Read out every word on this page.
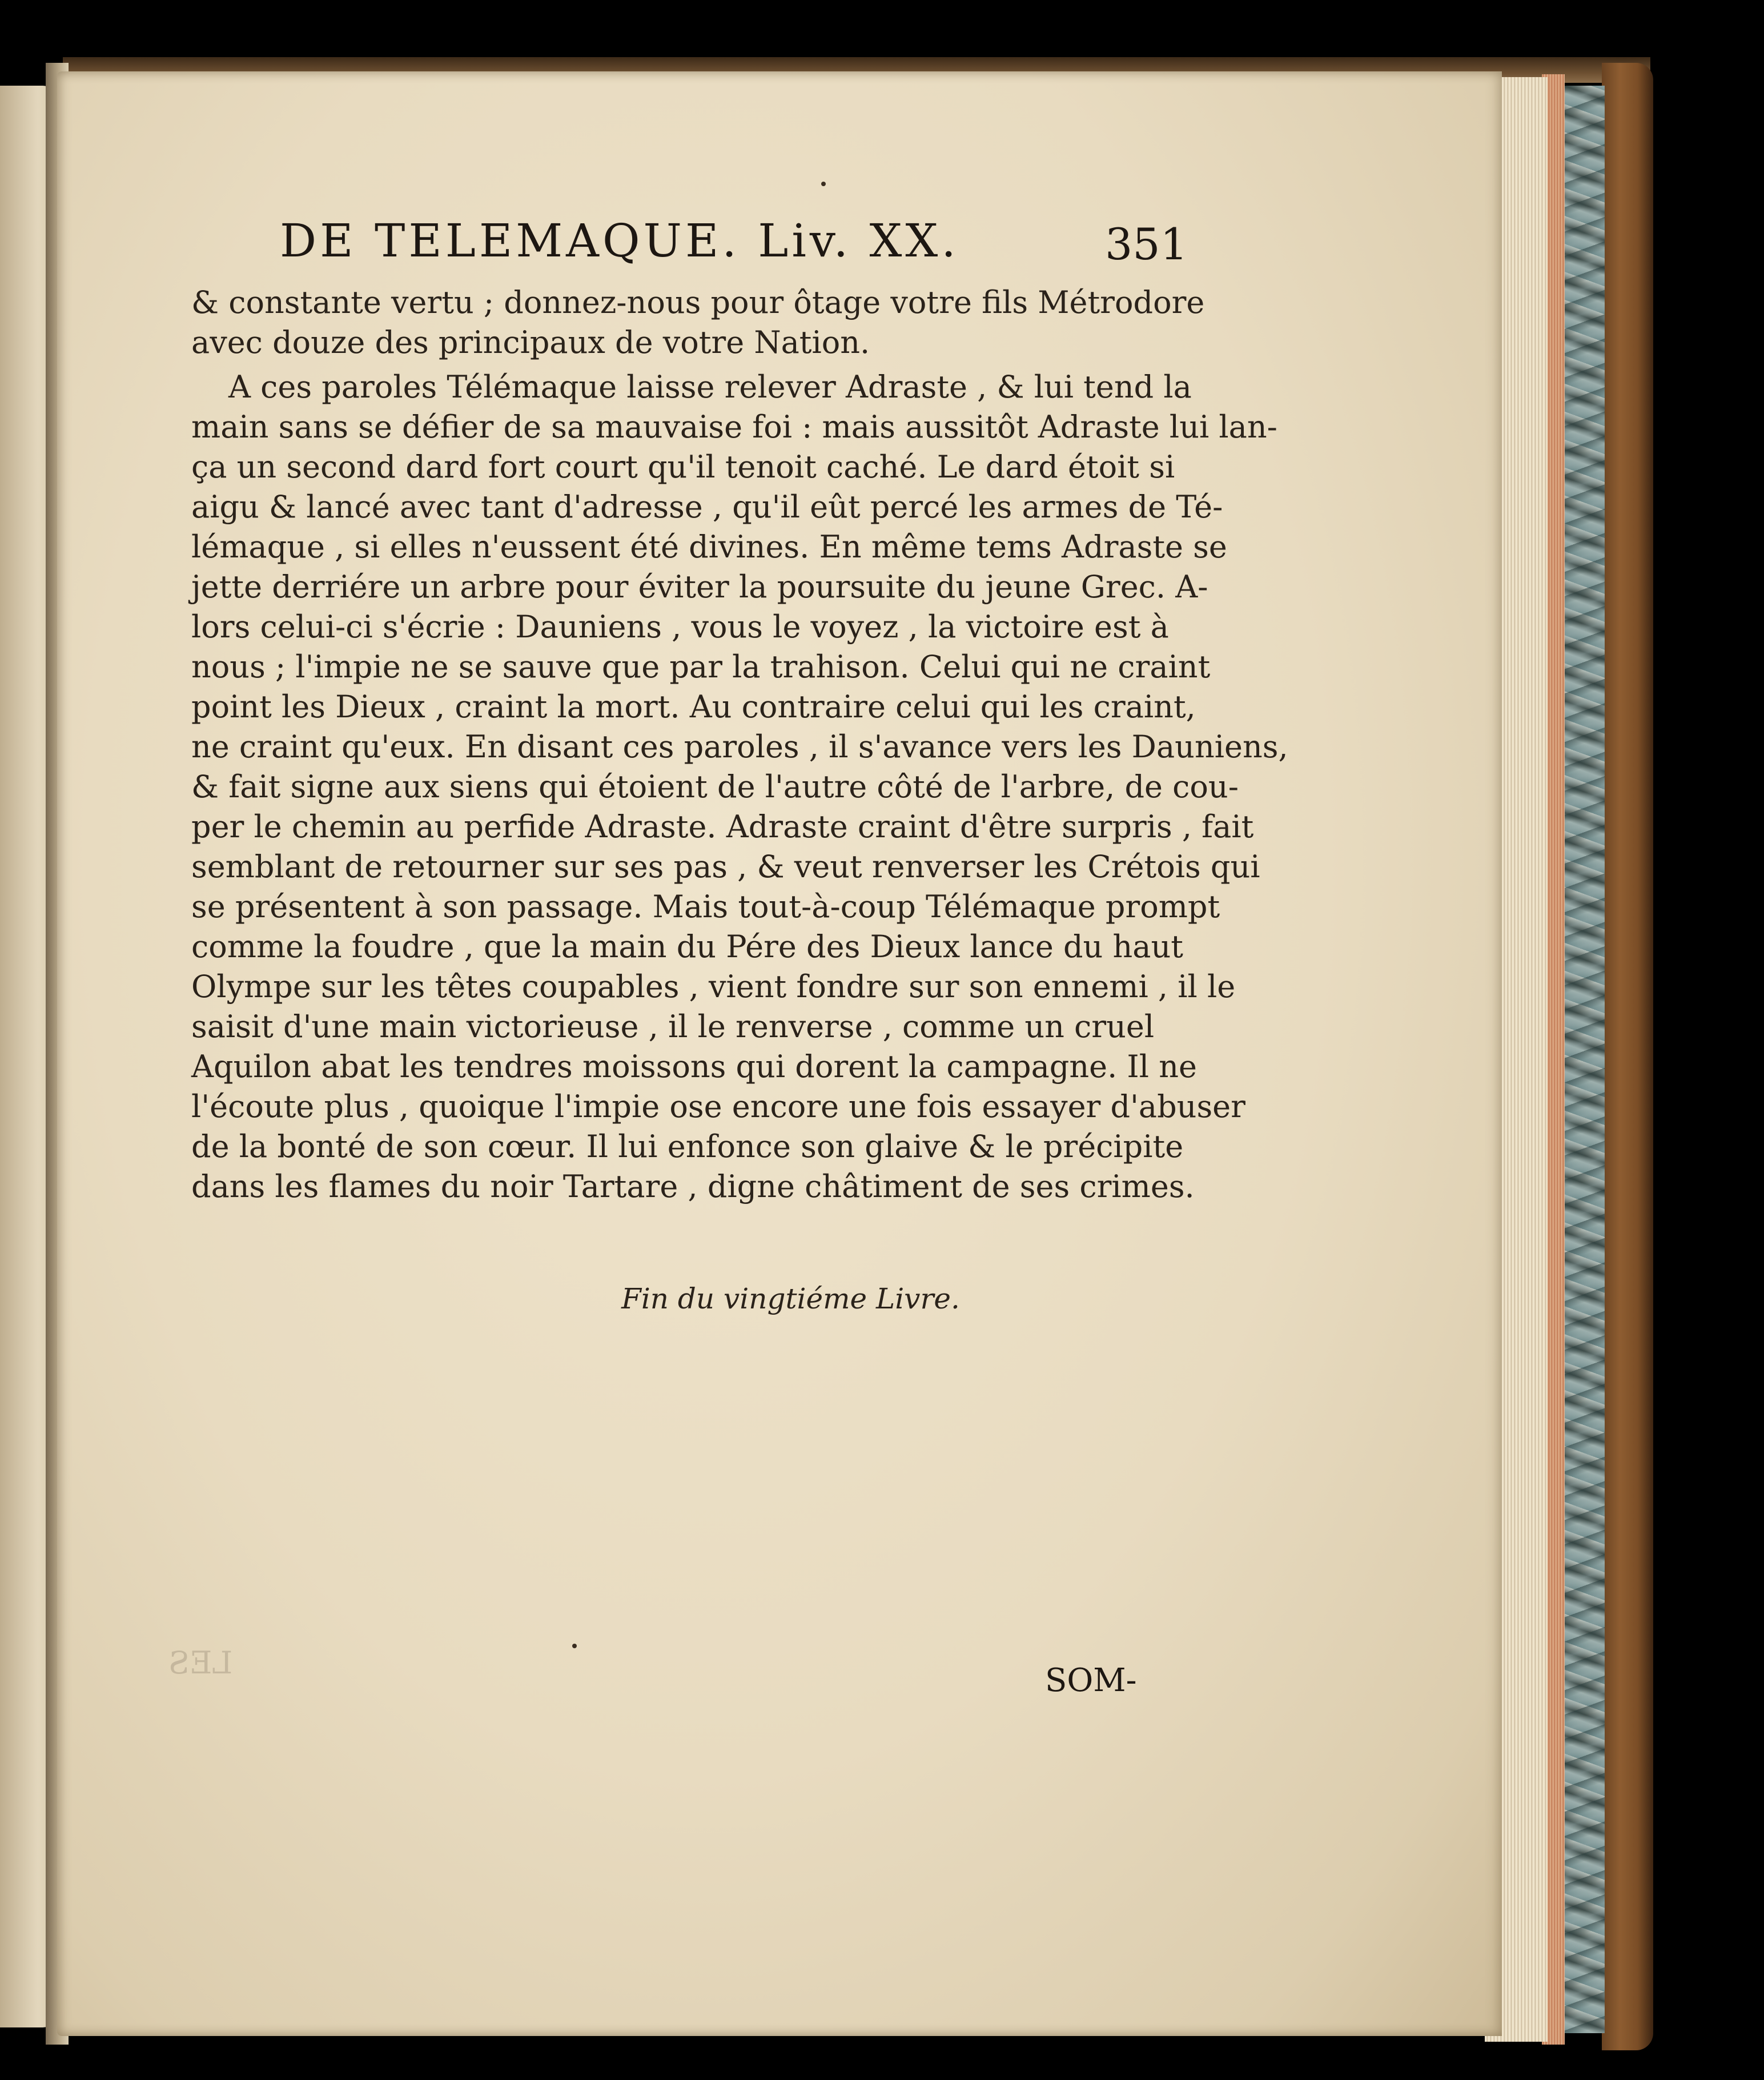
DE TELEMAQUE. Liv. XX.	351
& constante vertu ; donnez-nous pour ôtage votre fils Métrodore
avec douze des principaux de votre Nation.
A ces paroles Télémaque laisse relever Adraste , & lui tend la
main sans se défier de sa mauvaise foi : mais aussitôt Adraste lui lan-
ça un second dard fort court qu'il tenoit caché. Le dard étoit si
aigu & lancé avec tant d'adresse , qu'il eût percé les armes de Té-
lémaque , si elles n'eussent été divines. En même tems Adraste se
jette derriére un arbre pour éviter la poursuite du jeune Grec. A-
lors celui-ci s'écrie : Dauniens , vous le voyez , la victoire est à
nous ; l'impie ne se sauve que par la trahison. Celui qui ne craint
point les Dieux , craint la mort. Au contraire celui qui les craint,
ne craint qu'eux. En disant ces paroles , il s'avance vers les Dauniens,
& fait signe aux siens qui étoient de l'autre côté de l'arbre, de cou-
per le chemin au perfide Adraste. Adraste craint d'être surpris , fait
semblant de retourner sur ses pas , & veut renverser les Crétois qui
se présentent à son passage. Mais tout-à-coup Télémaque prompt
comme la foudre , que la main du Pére des Dieux lance du haut
Olympe sur les têtes coupables , vient fondre sur son ennemi , il le
saisit d'une main victorieuse , il le renverse , comme un cruel
Aquilon abat les tendres moissons qui dorent la campagne. Il ne
l'écoute plus , quoique l'impie ose encore une fois essayer d'abuser
de la bonté de son cœur. Il lui enfonce son glaive & le précipite
dans les flames du noir Tartare , digne châtiment de ses crimes.
Fin du vingtiéme Livre.
LES	SOM-
